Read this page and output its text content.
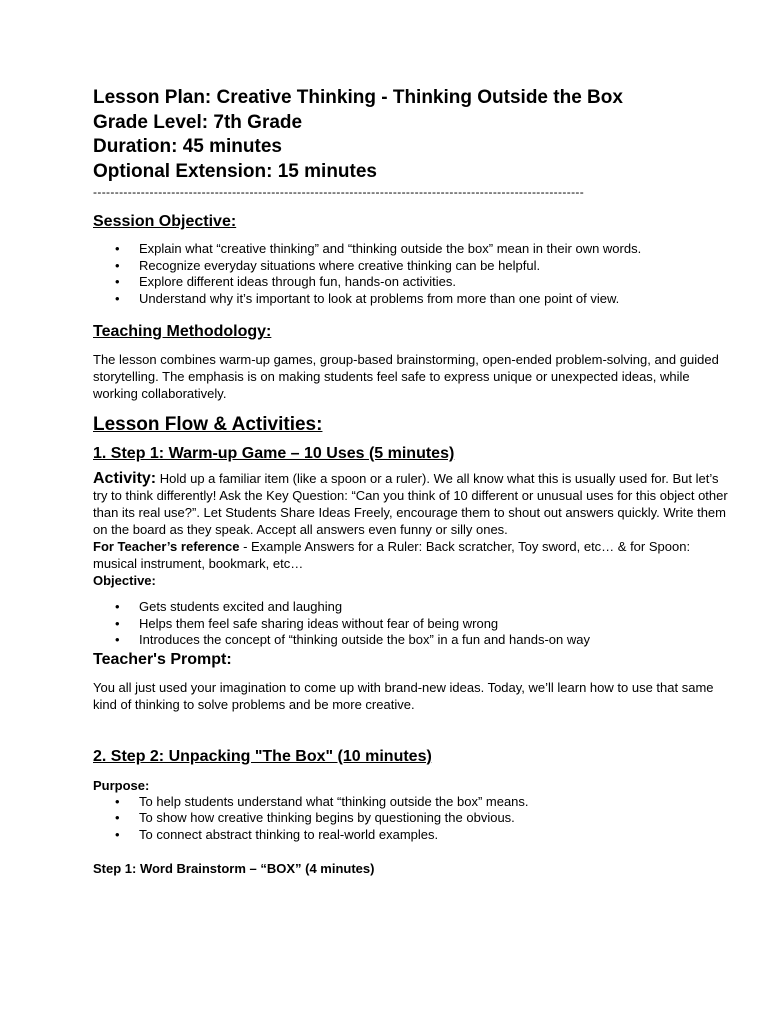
Lesson Plan: Creative Thinking - Thinking Outside the Box
Grade Level: 7th Grade
Duration: 45 minutes
Optional Extension: 15 minutes
-----------------------------------------------------------------------------------------------------------------
Session Objective:
• Explain what “creative thinking” and “thinking outside the box” mean in their own words.
• Recognize everyday situations where creative thinking can be helpful.
• Explore different ideas through fun, hands-on activities.
• Understand why it’s important to look at problems from more than one point of view.
Teaching Methodology:
The lesson combines warm-up games, group-based brainstorming, open-ended problem-solving, and guided storytelling. The emphasis is on making students feel safe to express unique or unexpected ideas, while working collaboratively.
Lesson Flow & Activities:
1. Step 1: Warm-up Game – 10 Uses (5 minutes)
Activity: Hold up a familiar item (like a spoon or a ruler). We all know what this is usually used for. But let’s try to think differently! Ask the Key Question: “Can you think of 10 different or unusual uses for this object other than its real use?”. Let Students Share Ideas Freely, encourage them to shout out answers quickly. Write them on the board as they speak. Accept all answers even funny or silly ones.
For Teacher’s reference - Example Answers for a Ruler: Back scratcher, Toy sword, etc… & for Spoon: musical instrument, bookmark, etc…
Objective:
• Gets students excited and laughing
• Helps them feel safe sharing ideas without fear of being wrong
• Introduces the concept of “thinking outside the box” in a fun and hands-on way
Teacher's Prompt:
You all just used your imagination to come up with brand-new ideas. Today, we’ll learn how to use that same kind of thinking to solve problems and be more creative.
2. Step 2: Unpacking "The Box" (10 minutes)
Purpose:
• To help students understand what “thinking outside the box” means.
• To show how creative thinking begins by questioning the obvious.
• To connect abstract thinking to real-world examples.
Step 1: Word Brainstorm – “BOX” (4 minutes)
